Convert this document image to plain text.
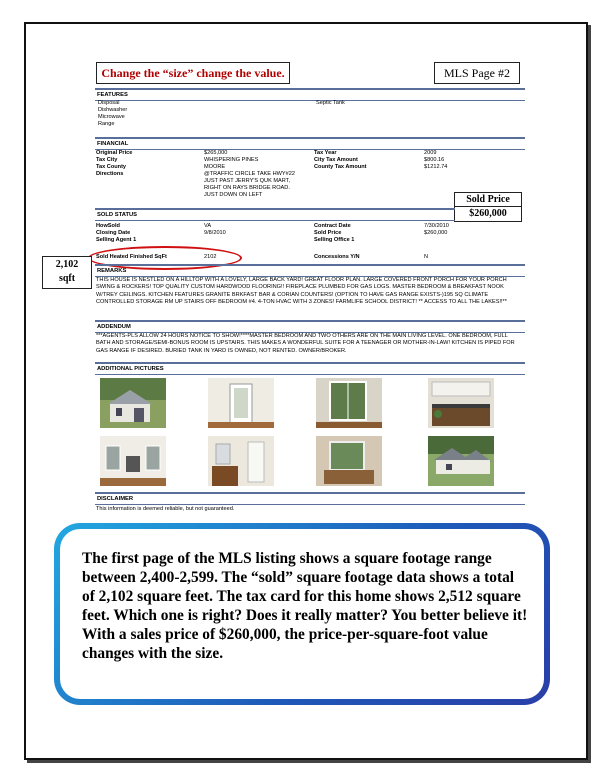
Change the “size” change the value.	MLS Page #2
FEATURES
Disposal
Dishwasher
Microwave
Range
Septic Tank
FINANCIAL
Original Price	$265,000	Tax Year	2009
Tax City	WHISPERING PINES	City Tax Amount	$800.16
Tax County	MOORE	County Tax Amount	$1212.74
Directions	@TRAFFIC CIRCLE TAKE HWY#22
JUST PAST JERRY'S QUK MART,
RIGHT ON RAYS BRIDGE ROAD.
JUST DOWN ON LEFT	Sold Price
$260,000
SOLD STATUS
HowSold	VA	Contract Date	7/30/2010
Closing Date	9/8/2010	Sold Price	$260,000
Selling Agent 1	Selling Office 1
Sold Heated Finished SqFt	2102	Concessions Y/N	N
2,102
sqft
REMARKS
THIS HOUSE IS NESTLED ON A HILLTOP WITH A LOVELY, LARGE BACK YARD! GREAT FLOOR PLAN. LARGE COVERED FRONT PORCH FOR YOUR PORCH SWING & ROCKERS! TOP QUALITY CUSTOM HARDWOOD FLOORING!! FIREPLACE PLUMBED FOR GAS LOGS. MASTER BEDROOM & BREAKFAST NOOK W/TREY CEILINGS. KITCHEN FEATURES GRANITE BRKFAST BAR & CORIAN COUNTERS! (OPTION TO HAVE GAS RANGE EXISTS-)195 SQ CLIMATE CONTROLLED STORAGE RM UP STAIRS OFF BEDROOM #4. 4-TON HVAC WITH 3 ZONES! FARMLIFE SCHOOL DISTRICT! ** ACCESS TO ALL THE LAKES!!**
ADDENDUM
***AGENTS-PLS ALLOW 24 HOURS NOTICE TO SHOW!****MASTER BEDROOM AND TWO OTHERS ARE ON THE MAIN LIVING LEVEL. ONE BEDROOM, FULL BATH AND STORAGE/SEMI-BONUS ROOM IS UPSTAIRS. THIS MAKES A WONDERFUL SUITE FOR A TEENAGER OR MOTHER-IN-LAW! KITCHEN IS PIPED FOR GAS RANGE IF DESIRED. BURIED TANK IN YARD IS OWNED, NOT RENTED. OWNER/BROKER.
ADDITIONAL PICTURES
DISCLAIMER
This information is deemed reliable, but not guaranteed.
The first page of the MLS listing shows a square footage range between 2,400-2,599. The “sold” square footage data shows a total of 2,102 square feet. The tax card for this home shows 2,512 square feet. Which one is right? Does it really matter? You better believe it! With a sales price of $260,000, the price-per-square-foot value changes with the size.
